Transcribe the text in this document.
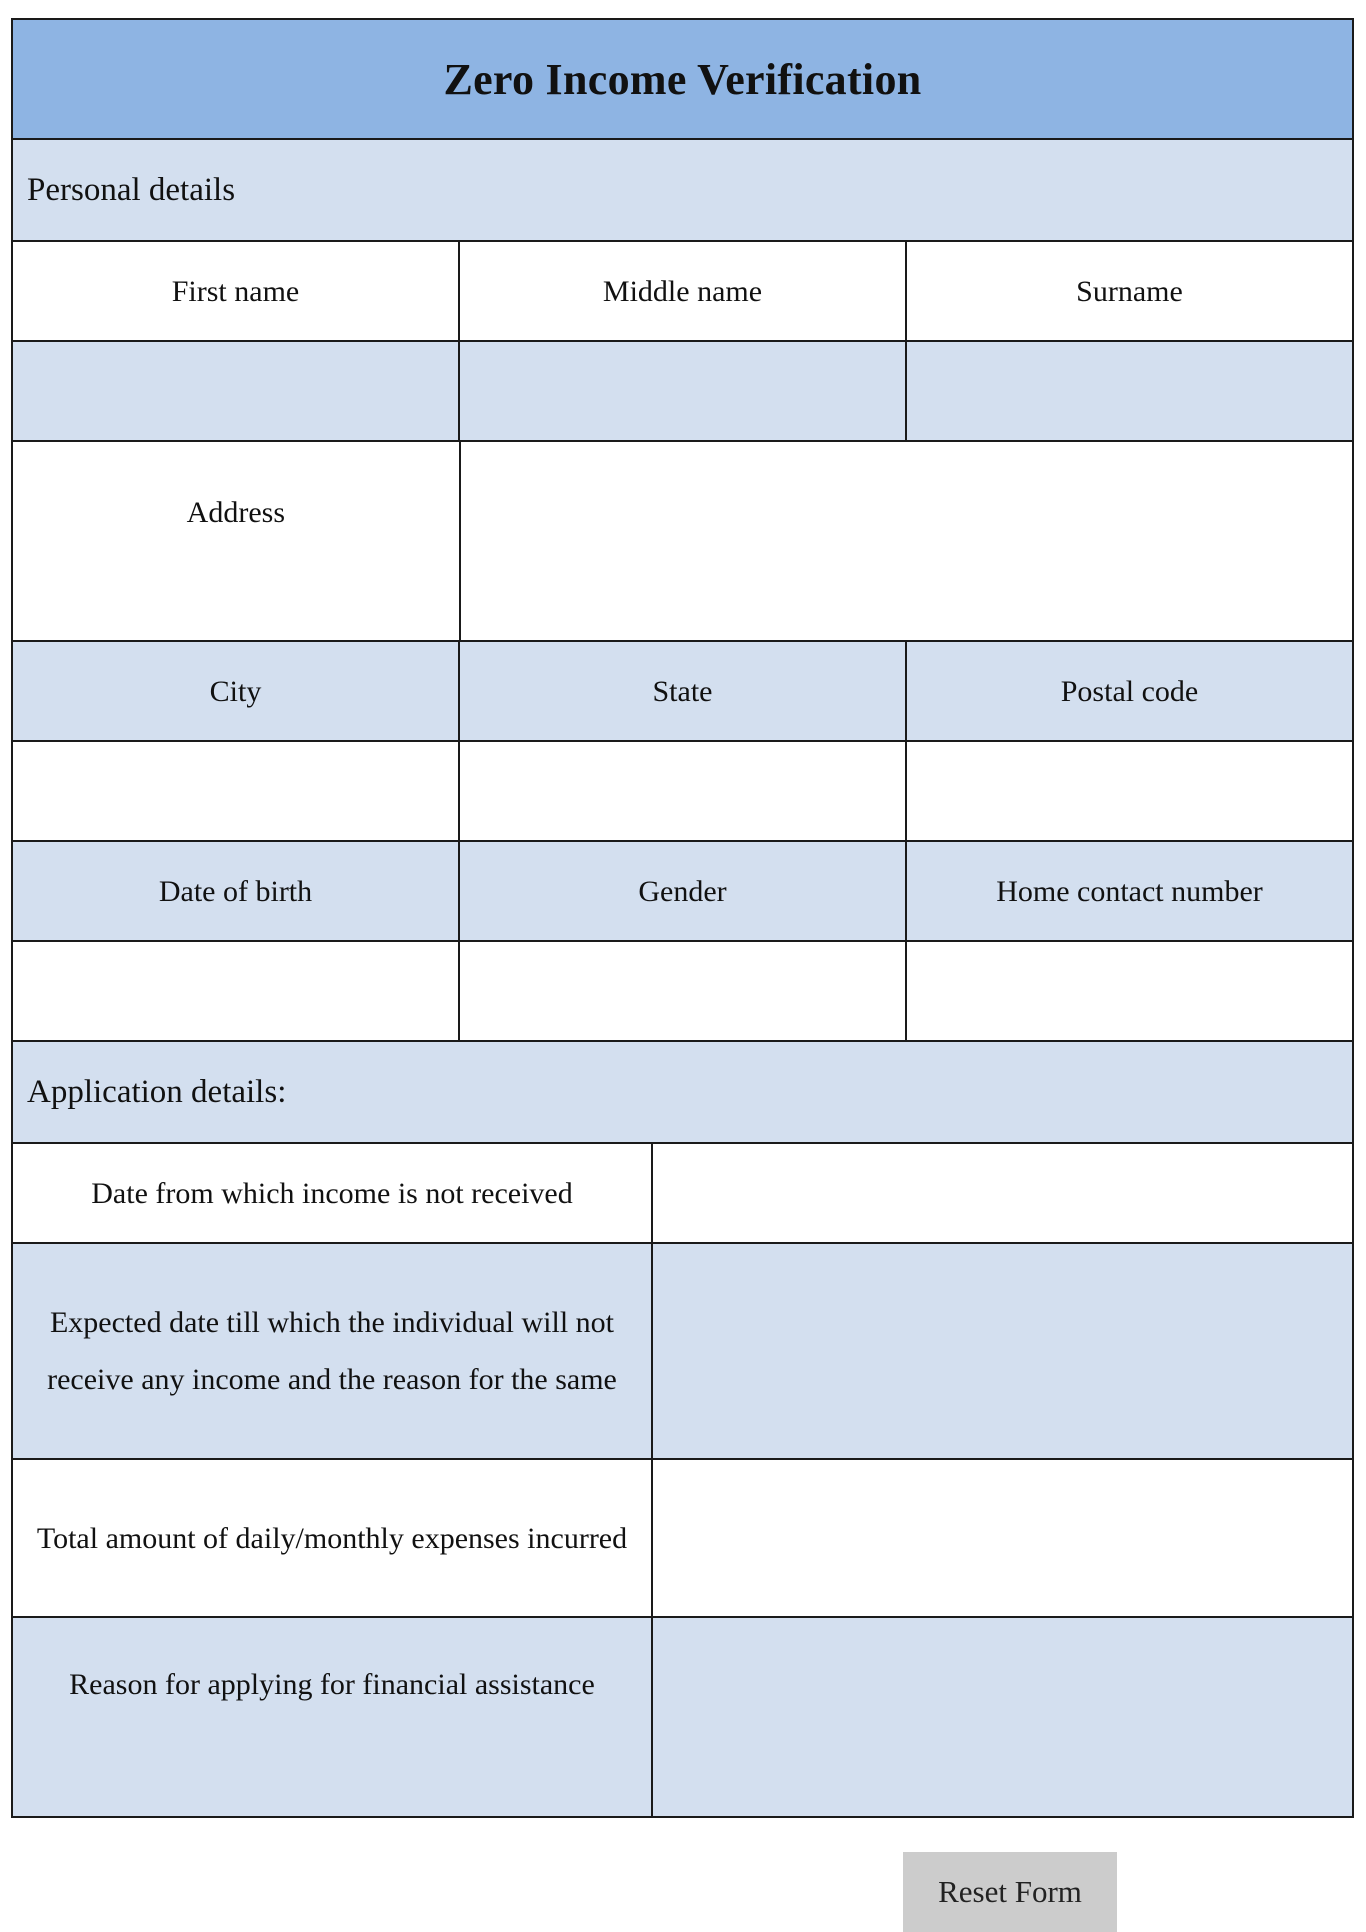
Zero Income Verification
Personal details
First name	Middle name	Surname
Address
City	State	Postal code
Date of birth	Gender	Home contact number
Application details:
Date from which income is not received
Expected date till which the individual will not receive any income and the reason for the same
Total amount of daily/monthly expenses incurred
Reason for applying for financial assistance
Reset Form
